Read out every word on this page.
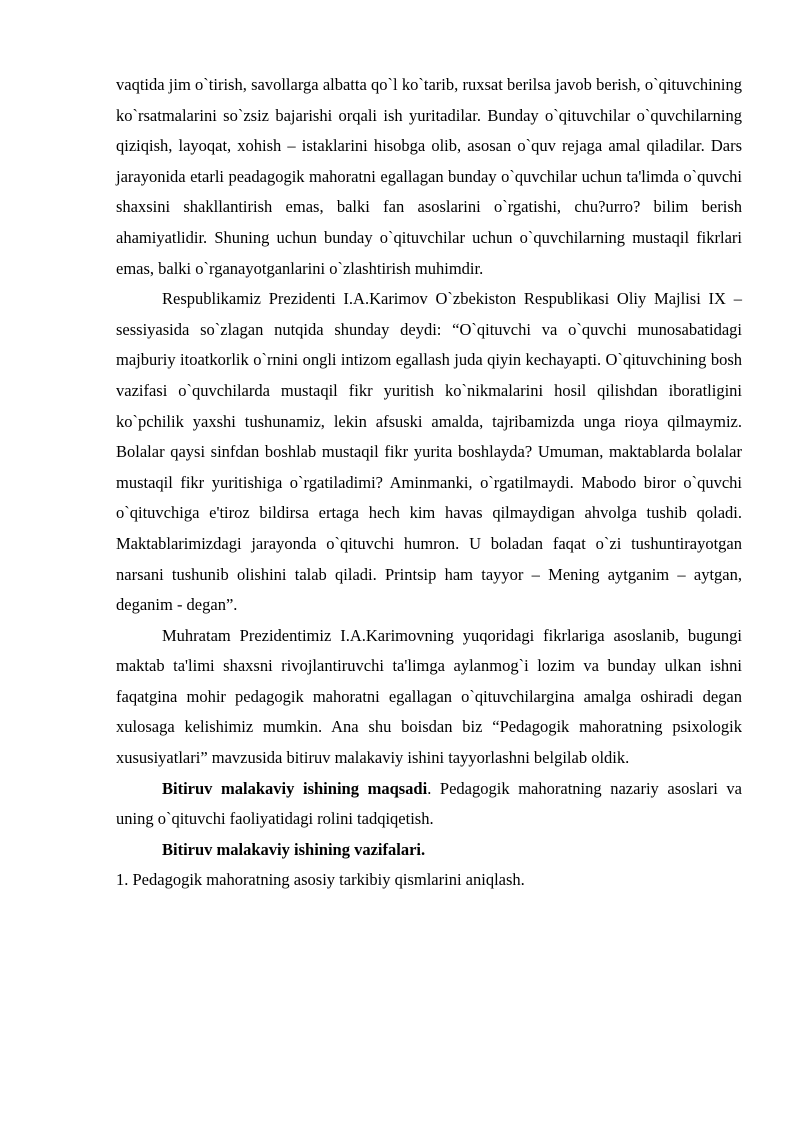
vaqtida jim o`tirish, savollarga albatta qo`l ko`tarib, ruxsat berilsa javob berish, o`qituvchining ko`rsatmalarini so`zsiz bajarishi orqali ish yuritadilar. Bunday o`qituvchilar o`quvchilarning qiziqish, layoqat, xohish – istaklarini hisobga olib, asosan o`quv rejaga amal qiladilar. Dars jarayonida etarli peadagogik mahoratni egallagan bunday o`quvchilar uchun ta'limda o`quvchi shaxsini shakllantirish emas, balki fan asoslarini o`rgatishi, chu?urro? bilim berish ahamiyatlidir. Shuning uchun bunday o`qituvchilar uchun o`quvchilarning mustaqil fikrlari emas, balki o`rganayotganlarini o`zlashtirish muhimdir.

Respublikamiz Prezidenti I.A.Karimov O`zbekiston Respublikasi Oliy Majlisi IX – sessiyasida so`zlagan nutqida shunday deydi: “O`qituvchi va o`quvchi munosabatidagi majburiy itoatkorlik o`rnini ongli intizom egallash juda qiyin kechayapti. O`qituvchining bosh vazifasi o`quvchilarda mustaqil fikr yuritish ko`nikmalarini hosil qilishdan iboratligini ko`pchilik yaxshi tushunamiz, lekin afsuski amalda, tajribamizda unga rioya qilmaymiz. Bolalar qaysi sinfdan boshlab mustaqil fikr yurita boshlayda? Umuman, maktablarda bolalar mustaqil fikr yuritishiga o`rgatiladimi? Aminmanki, o`rgatilmaydi. Mabodo biror o`quvchi o`qituvchiga e'tiroz bildirsa ertaga hech kim havas qilmaydigan ahvolga tushib qoladi. Maktablarimizdagi jarayonda o`qituvchi humron. U boladan faqat o`zi tushuntirayotgan narsani tushunib olishini talab qiladi. Printsip ham tayyor – Mening aytganim – aytgan, deganim - degan”.

Muhratam Prezidentimiz I.A.Karimovning yuqoridagi fikrlariga asoslanib, bugungi maktab ta'limi shaxsni rivojlantiruvchi ta'limga aylanmog`i lozim va bunday ulkan ishni faqatgina mohir pedagogik mahoratni egallagan o`qituvchilargina amalga oshiradi degan xulosaga kelishimiz mumkin. Ana shu boisdan biz “Pedagogik mahoratning psixologik xususiyatlari” mavzusida bitiruv malakaviy ishini tayyorlashni belgilab oldik.

Bitiruv malakaviy ishining maqsadi. Pedagogik mahoratning nazariy asoslari va uning o`qituvchi faoliyatidagi rolini tadqiqetish.

Bitiruv malakaviy ishining vazifalari.

1. Pedagogik mahoratning asosiy tarkibiy qismlarini aniqlash.
